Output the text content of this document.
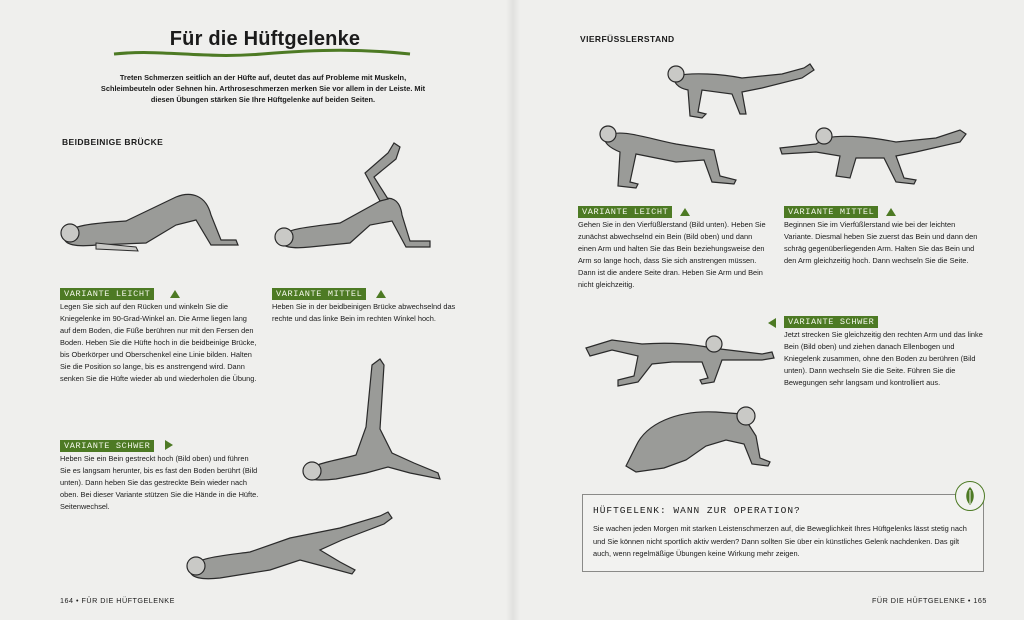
Für die Hüftgelenke
Treten Schmerzen seitlich an der Hüfte auf, deutet das auf Probleme mit Muskeln, Schleimbeuteln oder Sehnen hin. Arthroseschmerzen merken Sie vor allem in der Leiste. Mit diesen Übungen stärken Sie Ihre Hüftgelenke auf beiden Seiten.
BEIDBEINIGE BRÜCKE
VARIANTE LEICHT
Legen Sie sich auf den Rücken und winkeln Sie die Kniegelenke im 90-Grad-Winkel an. Die Arme liegen lang auf dem Boden, die Füße berühren nur mit den Fersen den Boden. Heben Sie die Hüfte hoch in die beidbeinige Brücke, bis Oberkörper und Oberschenkel eine Linie bilden. Halten Sie die Position so lange, bis es anstrengend wird. Dann senken Sie die Hüfte wieder ab und wiederholen die Übung.
VARIANTE MITTEL
Heben Sie in der beidbeinigen Brücke abwechselnd das rechte und das linke Bein im rechten Winkel hoch.
VARIANTE SCHWER
Heben Sie ein Bein gestreckt hoch (Bild oben) und führen Sie es langsam herunter, bis es fast den Boden berührt (Bild unten). Dann heben Sie das gestreckte Bein wieder nach oben. Bei dieser Variante stützen Sie die Hände in die Hüfte. Seitenwechsel.
164 • FÜR DIE HÜFTGELENKE
VIERFÜSSLERSTAND
VARIANTE LEICHT
Gehen Sie in den Vierfüßlerstand (Bild unten). Heben Sie zunächst abwechselnd ein Bein (Bild oben) und dann einen Arm und halten Sie das Bein beziehungsweise den Arm so lange hoch, dass Sie sich anstrengen müssen. Dann ist die andere Seite dran. Heben Sie Arm und Bein nicht gleichzeitig.
VARIANTE MITTEL
Beginnen Sie im Vierfüßlerstand wie bei der leichten Variante. Diesmal heben Sie zuerst das Bein und dann den schräg gegenüberliegenden Arm. Halten Sie das Bein und den Arm gleichzeitig hoch. Dann wechseln Sie die Seite.
VARIANTE SCHWER
Jetzt strecken Sie gleichzeitig den rechten Arm und das linke Bein (Bild oben) und ziehen danach Ellenbogen und Kniegelenk zusammen, ohne den Boden zu berühren (Bild unten). Dann wechseln Sie die Seite. Führen Sie die Bewegungen sehr langsam und kontrolliert aus.
FÜR DIE HÜFTGELENKE • 165
HÜFTGELENK: WANN ZUR OPERATION?
Sie wachen jeden Morgen mit starken Leistenschmerzen auf, die Beweglichkeit Ihres Hüftgelenks lässt stetig nach und Sie können nicht sportlich aktiv werden? Dann sollten Sie über ein künstliches Gelenk nachdenken. Das gilt auch, wenn regelmäßige Übungen keine Wirkung mehr zeigen.
